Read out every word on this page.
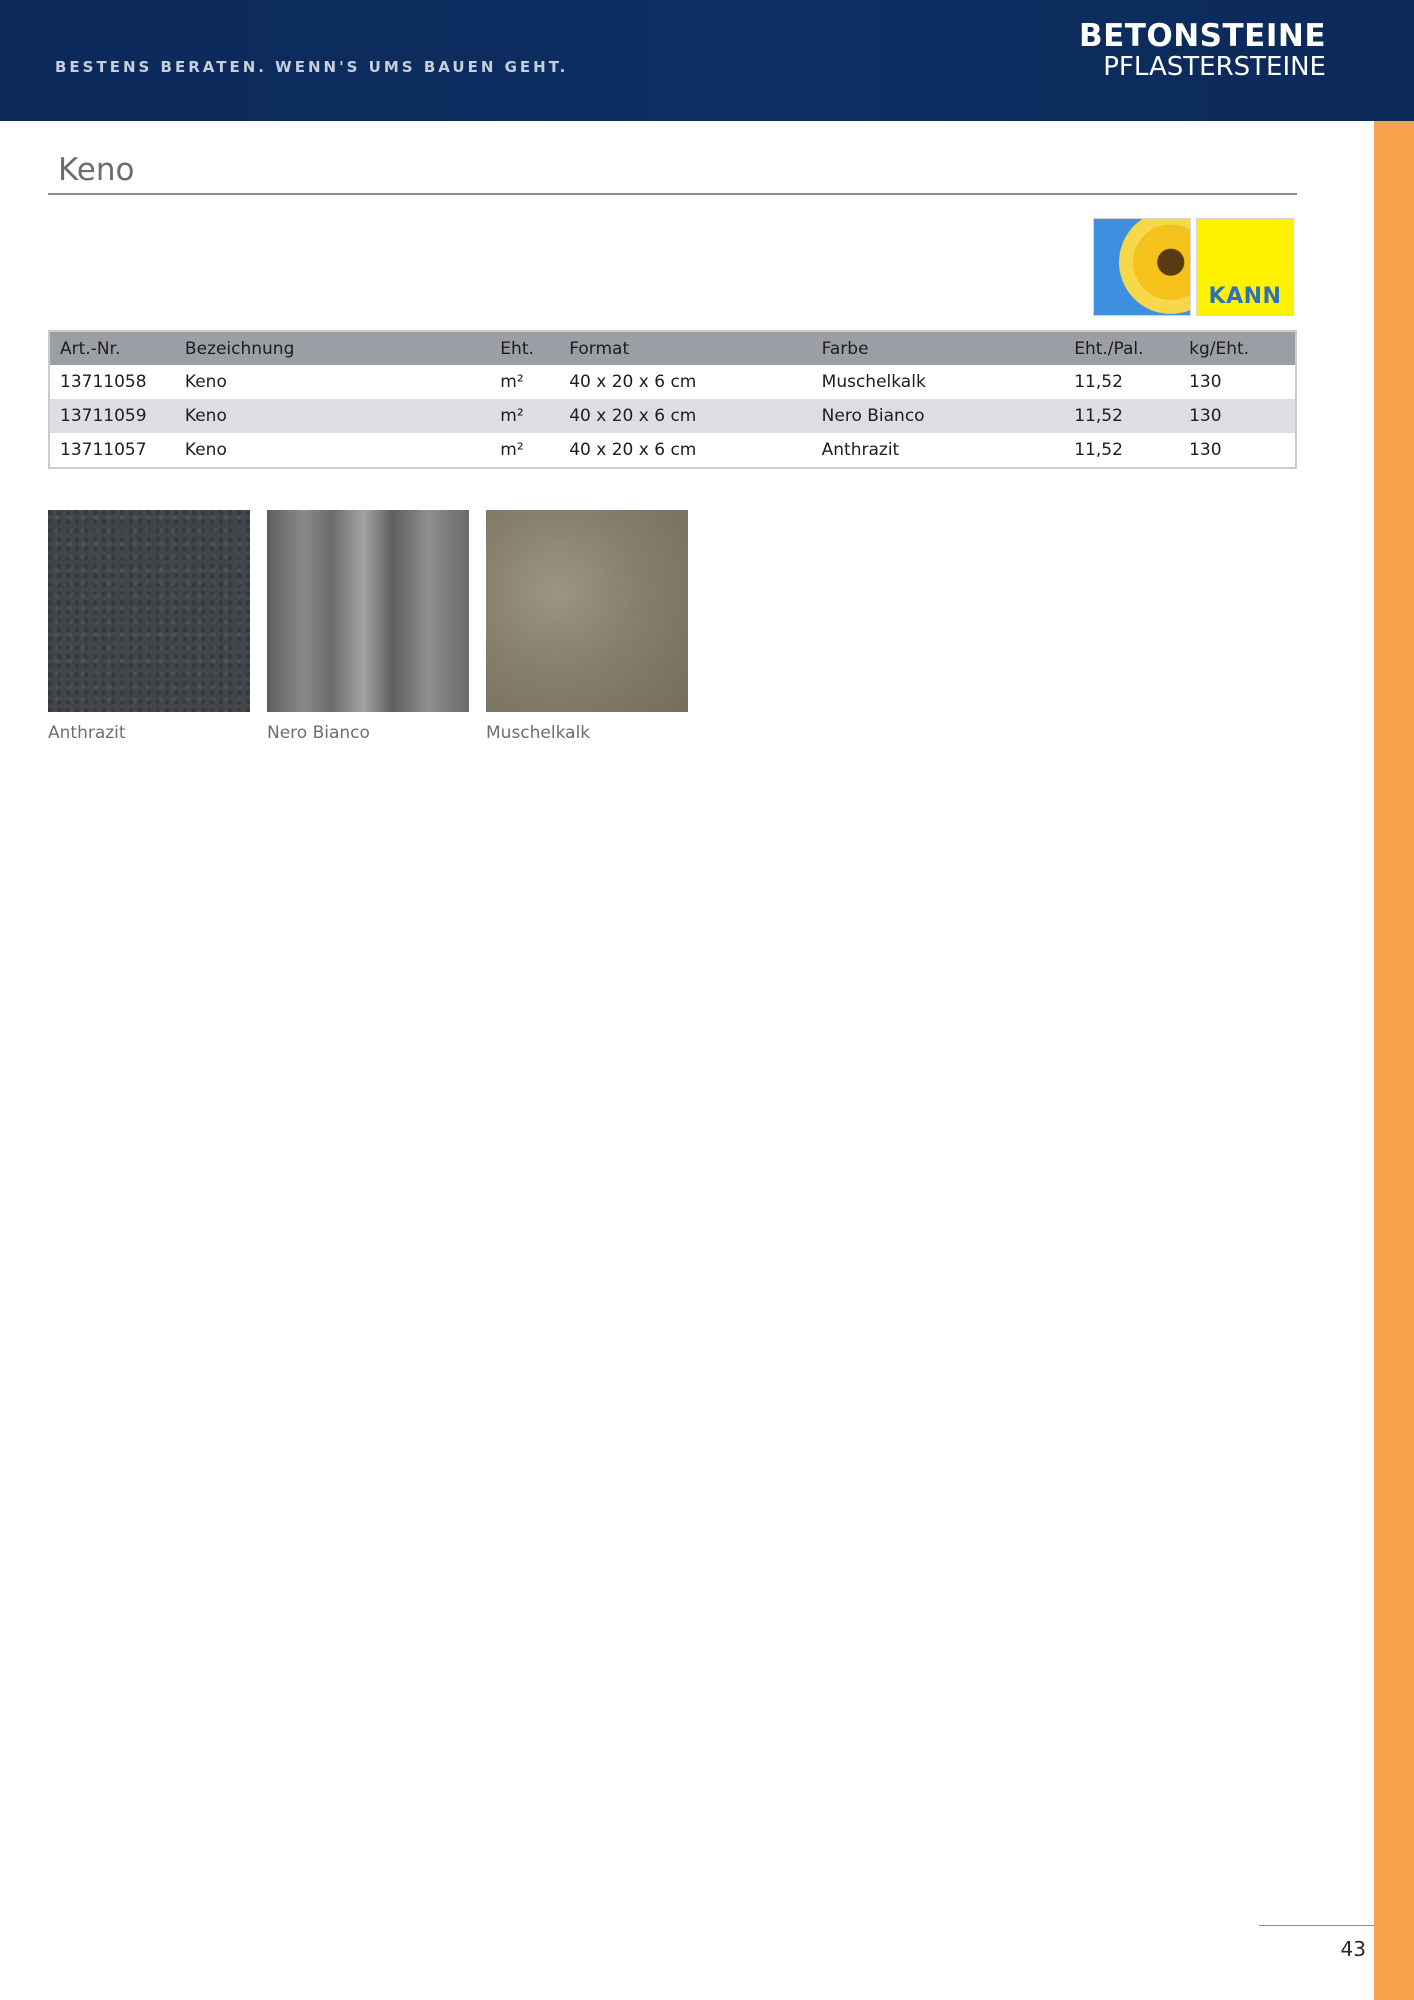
BESTENS BERATEN. WENN'S UMS BAUEN GEHT.
BETONSTEINE
PFLASTERSTEINE
Keno
KANN
Art.-Nr.	Bezeichnung	Eht.	Format	Farbe	Eht./Pal.	kg/Eht.
13711058	Keno	m²	40 x 20 x 6 cm	Muschelkalk	11,52	130
13711059	Keno	m²	40 x 20 x 6 cm	Nero Bianco	11,52	130
13711057	Keno	m²	40 x 20 x 6 cm	Anthrazit	11,52	130
Anthrazit	Nero Bianco	Muschelkalk
43
